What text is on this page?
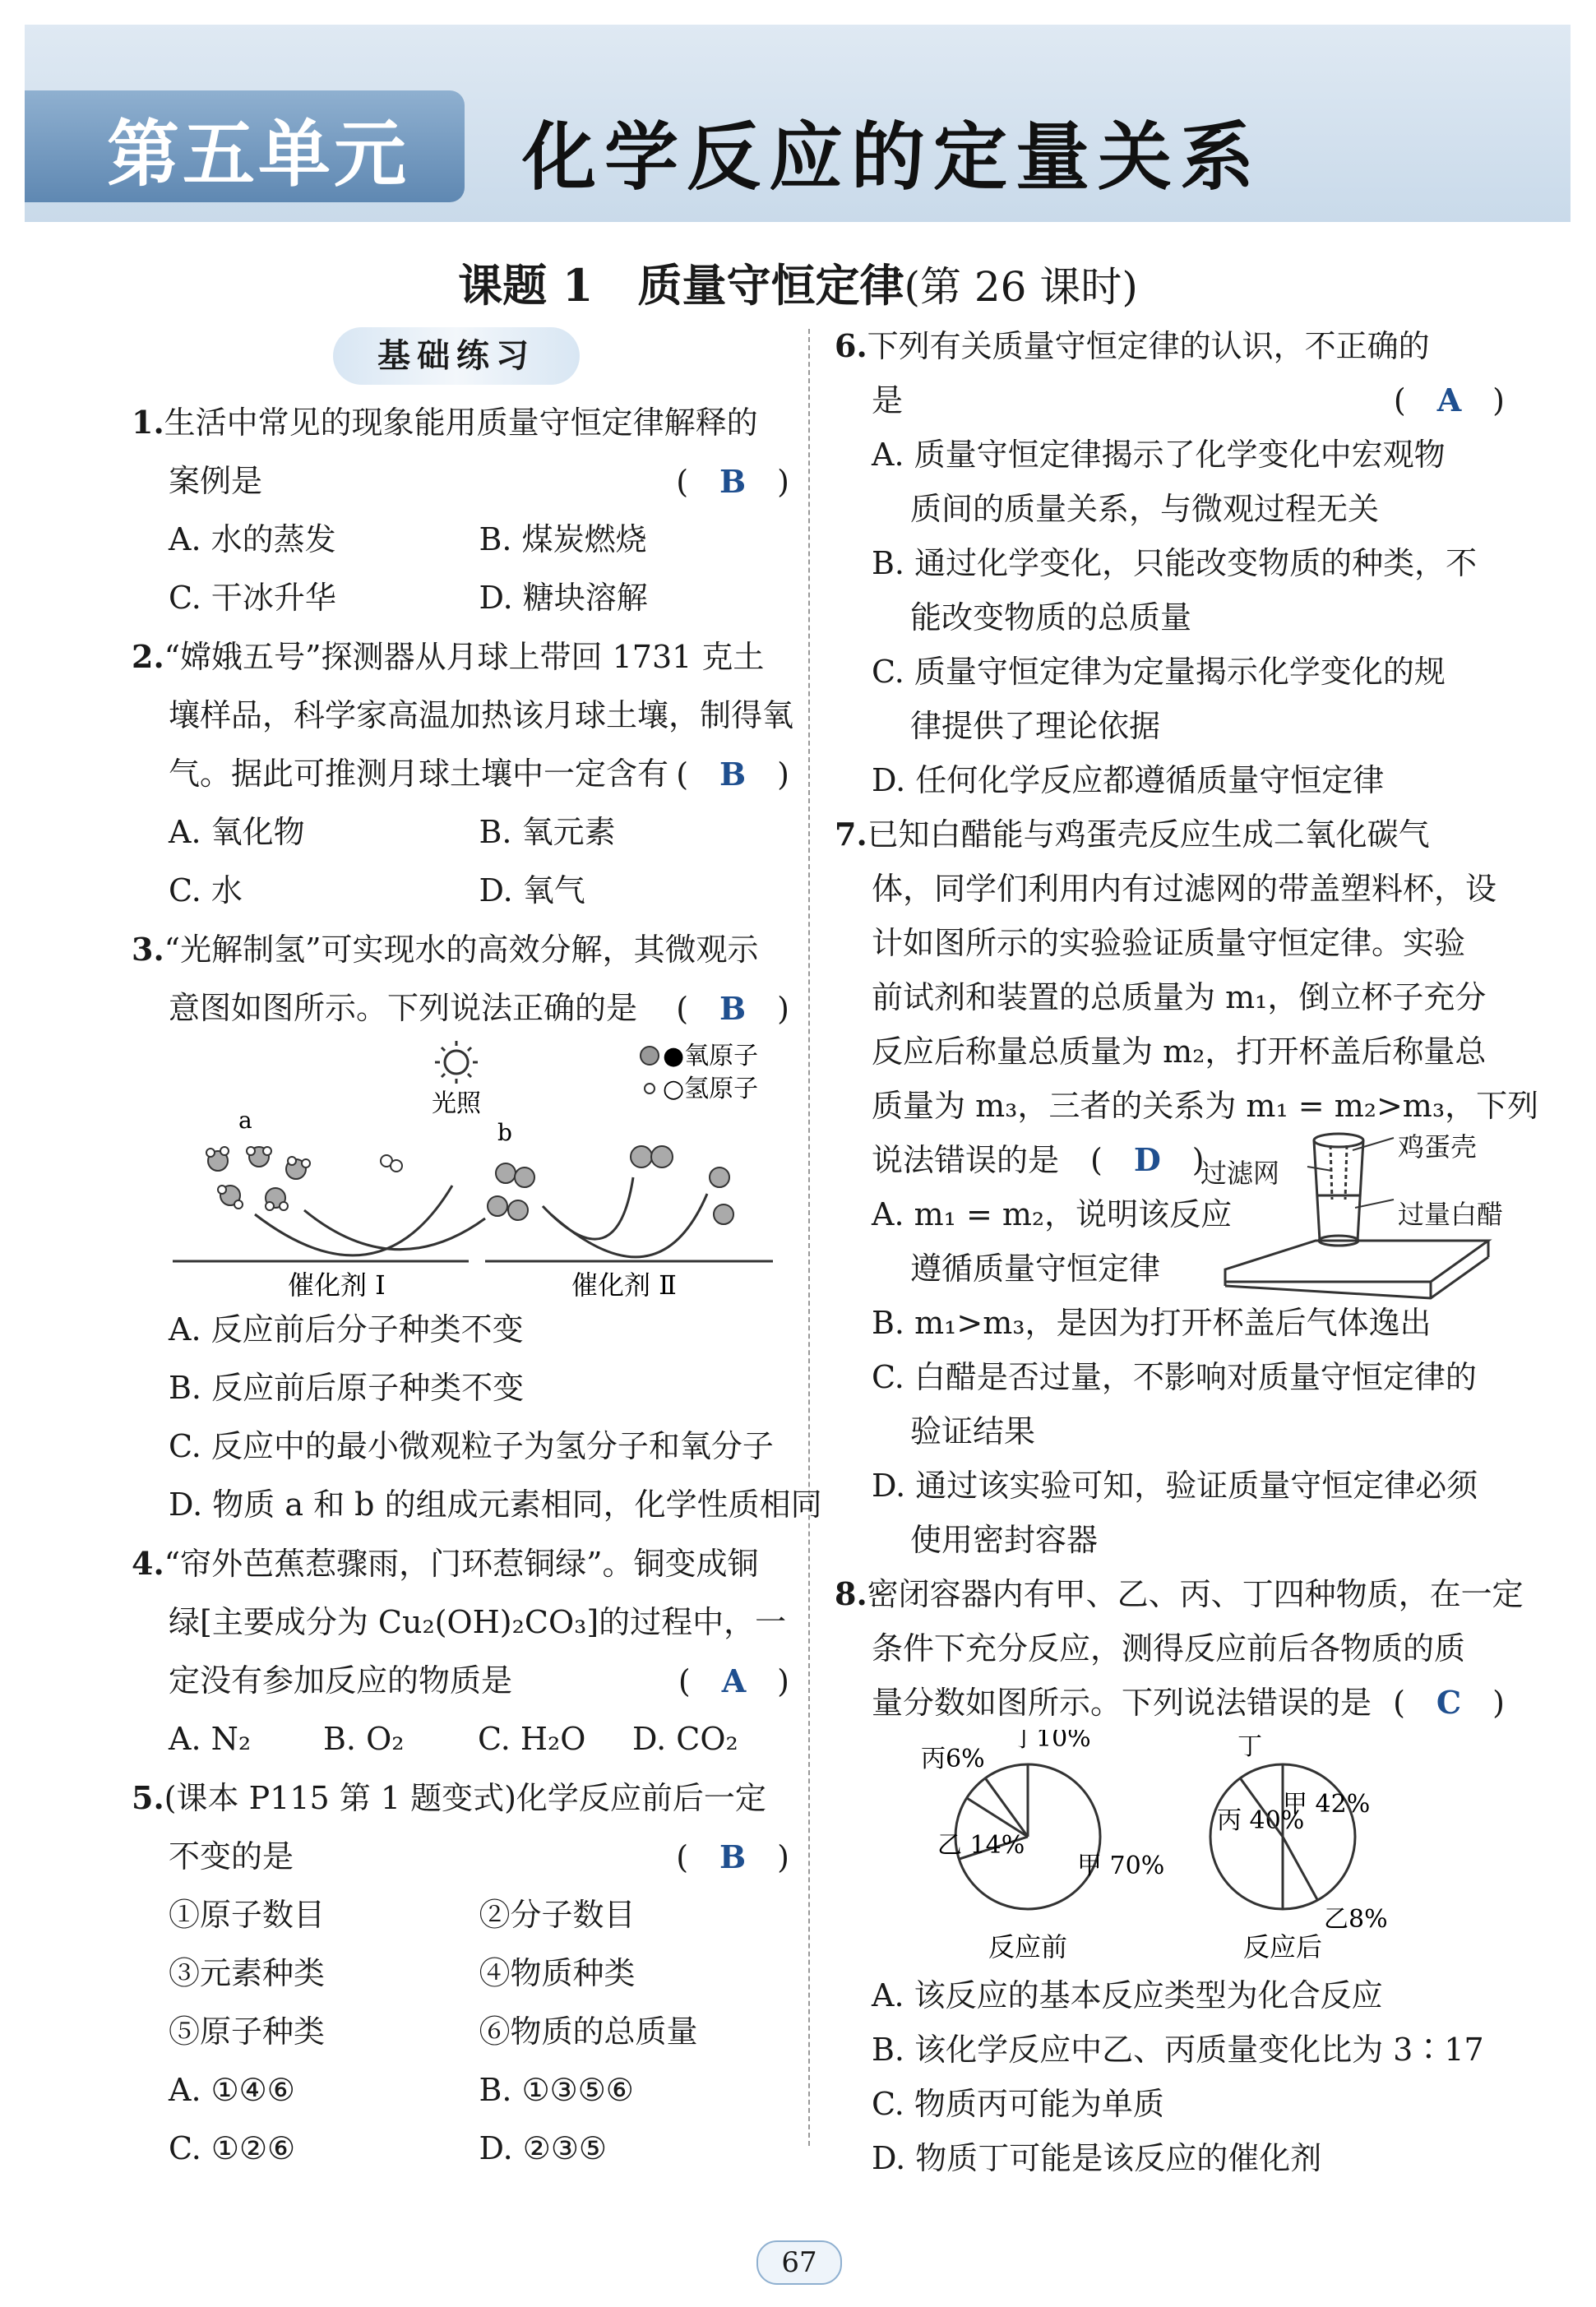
第五单元 化学反应的定量关系
课题 1　质量守恒定律(第 26 课时)
基础练习
1.生活中常见的现象能用质量守恒定律解释的
案例是	(　B　)
A. 水的蒸发	B. 煤炭燃烧
C. 干冰升华	D. 糖块溶解
2.“嫦娥五号”探测器从月球上带回 1731 克土
壤样品，科学家高温加热该月球土壤，制得氧
气。据此可推测月球土壤中一定含有 (　B　)
A. 氧化物	B. 氧元素
C. 水	D. 氧气
3.“光解制氢”可实现水的高效分解，其微观示
意图如图所示。下列说法正确的是 (　B　)
光照
●氧原子
○氢原子
a	b
催化剂 Ⅰ	催化剂 Ⅱ
A. 反应前后分子种类不变
B. 反应前后原子种类不变
C. 反应中的最小微观粒子为氢分子和氧分子
D. 物质 a 和 b 的组成元素相同，化学性质相同
4.“帘外芭蕉惹骤雨，门环惹铜绿”。铜变成铜
绿[主要成分为 Cu₂(OH)₂CO₃]的过程中，一
定没有参加反应的物质是	(　A　)
A. N₂ B. O₂ C. H₂O D. CO₂
5.(课本 P115 第 1 题变式)化学反应前后一定
不变的是	(　B　)
①原子数目	②分子数目
③元素种类	④物质种类
⑤原子种类	⑥物质的总质量
A. ①④⑥	B. ①③⑤⑥
C. ①②⑥	D. ②③⑤
6.下列有关质量守恒定律的认识，不正确的
是	(　A　)
A. 质量守恒定律揭示了化学变化中宏观物
质间的质量关系，与微观过程无关
B. 通过化学变化，只能改变物质的种类，不
能改变物质的总质量
C. 质量守恒定律为定量揭示化学变化的规
律提供了理论依据
D. 任何化学反应都遵循质量守恒定律
7.已知白醋能与鸡蛋壳反应生成二氧化碳气
体，同学们利用内有过滤网的带盖塑料杯，设
计如图所示的实验验证质量守恒定律。实验
前试剂和装置的总质量为 m₁，倒立杯子充分
反应后称量总质量为 m₂，打开杯盖后称量总
质量为 m₃，三者的关系为 m₁ = m₂>m₃，下列
说法错误的是　(　D　)	鸡蛋壳
过滤网
过量白醋
A. m₁ = m₂，说明该反应
遵循质量守恒定律
B. m₁>m₃，是因为打开杯盖后气体逸出
C. 白醋是否过量，不影响对质量守恒定律的
验证结果
D. 通过该实验可知，验证质量守恒定律必须
使用密封容器
8.密闭容器内有甲、乙、丙、丁四种物质，在一定
条件下充分反应，测得反应前后各物质的质
量分数如图所示。下列说法错误的是 (　C　)
甲 70%
乙 14%
丙6%
丁10%
反应前
甲 42%
乙8%
丙 40%
丁
反应后
A. 该反应的基本反应类型为化合反应
B. 该化学反应中乙、丙质量变化比为 3∶17
C. 物质丙可能为单质
D. 物质丁可能是该反应的催化剂
67
